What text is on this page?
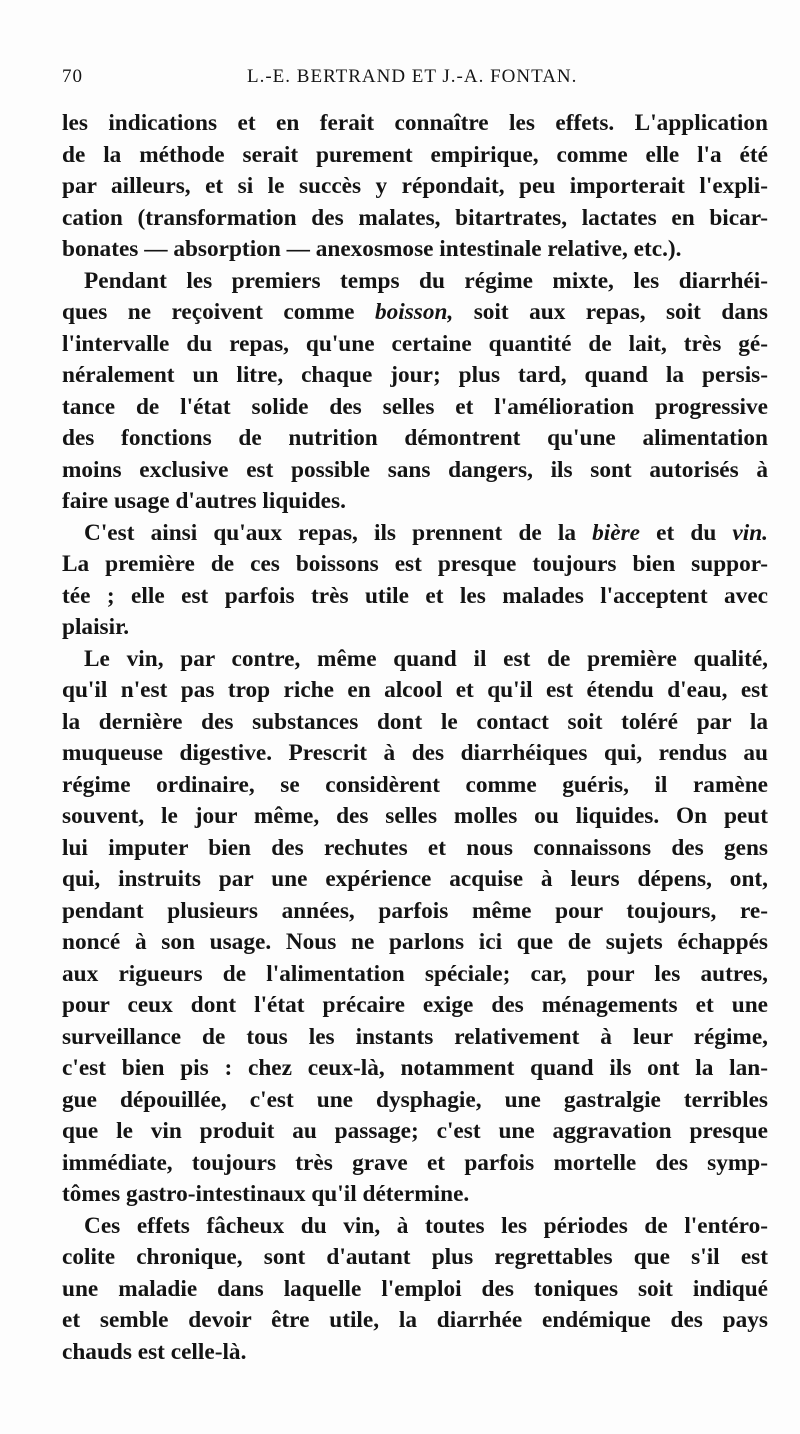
70	L.-E. BERTRAND ET J.-A. FONTAN.
les indications et en ferait connaître les effets. L'application
de la méthode serait purement empirique, comme elle l'a été
par ailleurs, et si le succès y répondait, peu importerait l'expli-
cation (transformation des malates, bitartrates, lactates en bicar-
bonates — absorption — anexosmose intestinale relative, etc.).
Pendant les premiers temps du régime mixte, les diarrhéi-
ques ne reçoivent comme boisson, soit aux repas, soit dans
l'intervalle du repas, qu'une certaine quantité de lait, très gé-
néralement un litre, chaque jour; plus tard, quand la persis-
tance de l'état solide des selles et l'amélioration progressive
des fonctions de nutrition démontrent qu'une alimentation
moins exclusive est possible sans dangers, ils sont autorisés à
faire usage d'autres liquides.
C'est ainsi qu'aux repas, ils prennent de la bière et du vin.
La première de ces boissons est presque toujours bien suppor-
tée ; elle est parfois très utile et les malades l'acceptent avec
plaisir.
Le vin, par contre, même quand il est de première qualité,
qu'il n'est pas trop riche en alcool et qu'il est étendu d'eau, est
la dernière des substances dont le contact soit toléré par la
muqueuse digestive. Prescrit à des diarrhéiques qui, rendus au
régime ordinaire, se considèrent comme guéris, il ramène
souvent, le jour même, des selles molles ou liquides. On peut
lui imputer bien des rechutes et nous connaissons des gens
qui, instruits par une expérience acquise à leurs dépens, ont,
pendant plusieurs années, parfois même pour toujours, re-
noncé à son usage. Nous ne parlons ici que de sujets échappés
aux rigueurs de l'alimentation spéciale; car, pour les autres,
pour ceux dont l'état précaire exige des ménagements et une
surveillance de tous les instants relativement à leur régime,
c'est bien pis : chez ceux-là, notamment quand ils ont la lan-
gue dépouillée, c'est une dysphagie, une gastralgie terribles
que le vin produit au passage; c'est une aggravation presque
immédiate, toujours très grave et parfois mortelle des symp-
tômes gastro-intestinaux qu'il détermine.
Ces effets fâcheux du vin, à toutes les périodes de l'entéro-
colite chronique, sont d'autant plus regrettables que s'il est
une maladie dans laquelle l'emploi des toniques soit indiqué
et semble devoir être utile, la diarrhée endémique des pays
chauds est celle-là.
